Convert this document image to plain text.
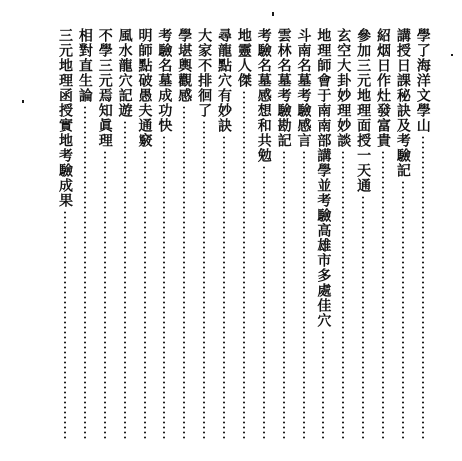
學了海洋文學山
講授日課秘訣及考驗記
紹烟日作灶發富貴
參加三元地理面授一天通
玄空大卦妙理妙談
地理師會于南南部講學並考驗高雄市多處佳穴
斗南名墓考驗感言
雲林名墓考驗勘記
考驗名墓感想和共勉
地靈人傑
尋龍點穴有妙訣
大家不排徊了
學堪輿觀感
考驗名墓成功快
明師點破愚夫通竅
風水龍穴記遊
不學三元焉知眞理
相對直生論
三元地理函授實地考驗成果
